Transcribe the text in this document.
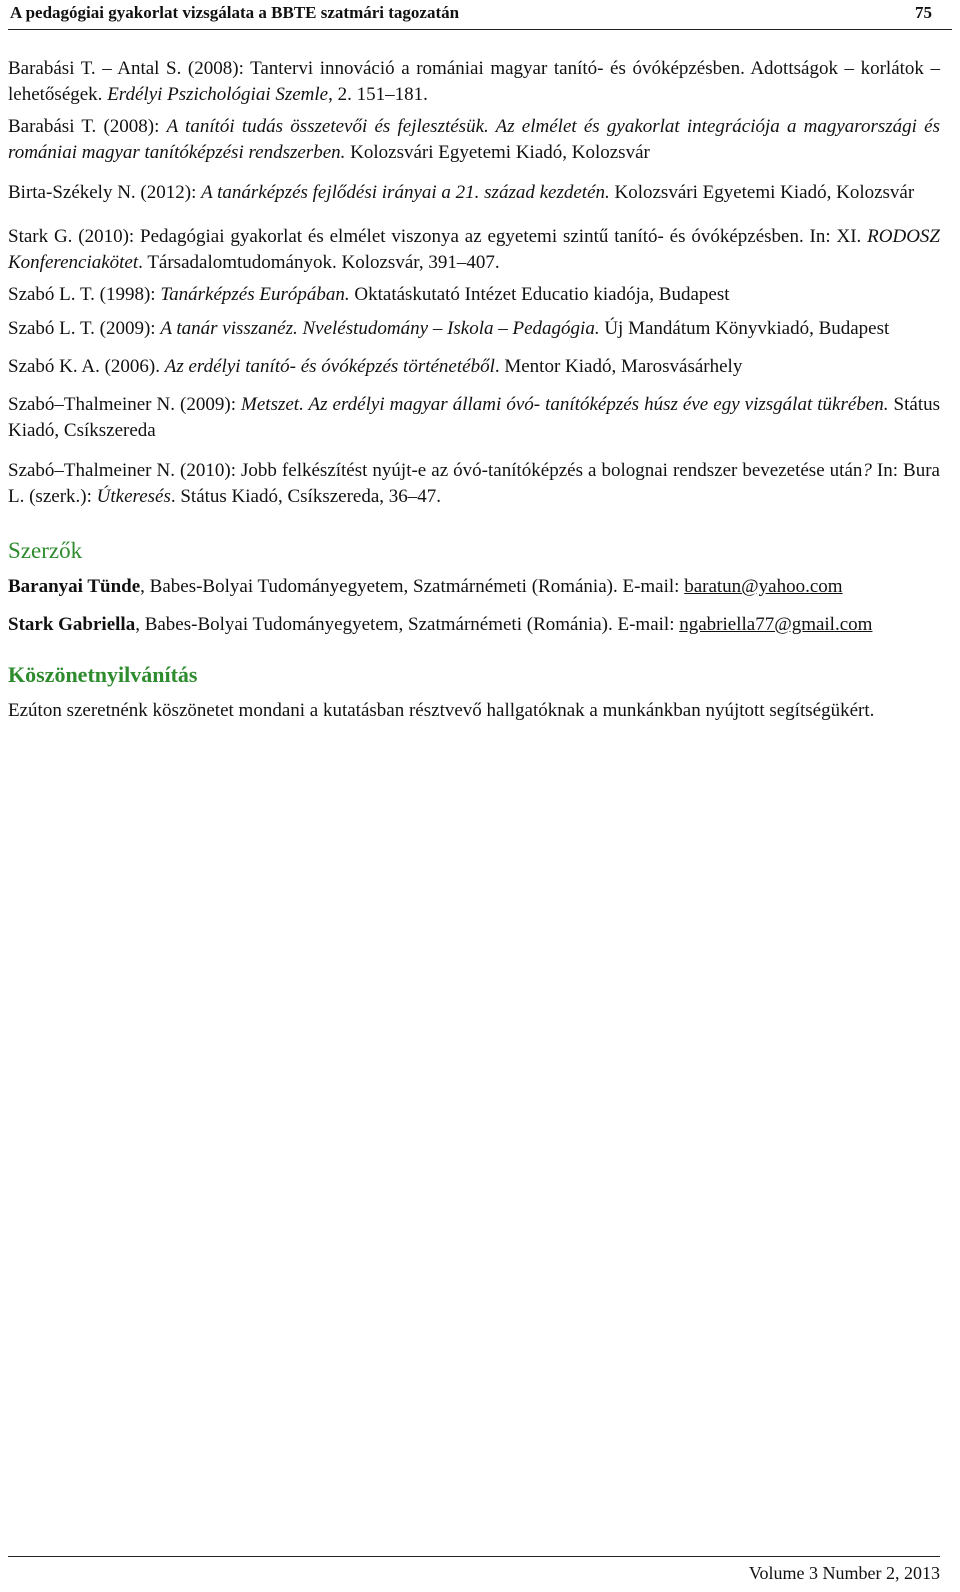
A pedagógiai gyakorlat vizsgálata a BBTE szatmári tagozatán	75

Barabási T. – Antal S. (2008): Tantervi innováció a romániai magyar tanító- és óvóképzésben. Adottságok – korlátok – lehetőségek. Erdélyi Pszichológiai Szemle, 2. 151–181.

Barabási T. (2008): A tanítói tudás összetevői és fejlesztésük. Az elmélet és gyakorlat integrációja a magyarországi és romániai magyar tanítóképzési rendszerben. Kolozsvári Egyetemi Kiadó, Kolozsvár

Birta-Székely N. (2012): A tanárképzés fejlődési irányai a 21. század kezdetén. Kolozsvári Egyetemi Kiadó, Kolozsvár

Stark G. (2010): Pedagógiai gyakorlat és elmélet viszonya az egyetemi szintű tanító- és óvóképzésben. In: XI. RODOSZ Konferenciakötet. Társadalomtudományok. Kolozsvár, 391–407.

Szabó L. T. (1998): Tanárképzés Európában. Oktatáskutató Intézet Educatio kiadója, Budapest

Szabó L. T. (2009): A tanár visszanéz. Nveléstudomány – Iskola – Pedagógia. Új Mandátum Könyvkiadó, Budapest

Szabó K. A. (2006). Az erdélyi tanító- és óvóképzés történetéből. Mentor Kiadó, Marosvásárhely

Szabó–Thalmeiner N. (2009): Metszet. Az erdélyi magyar állami óvó- tanítóképzés húsz éve egy vizsgálat tükrében. Státus Kiadó, Csíkszereda

Szabó–Thalmeiner N. (2010): Jobb felkészítést nyújt-e az óvó-tanítóképzés a bolognai rendszer bevezetése után? In: Bura L. (szerk.): Útkeresés. Státus Kiadó, Csíkszereda, 36–47.

Szerzők

Baranyai Tünde, Babes-Bolyai Tudományegyetem, Szatmárnémeti (Románia). E-mail: baratun@yahoo.com

Stark Gabriella, Babes-Bolyai Tudományegyetem, Szatmárnémeti (Románia). E-mail: ngabriella77@gmail.com

Köszönetnyilvánítás

Ezúton szeretnénk köszönetet mondani a kutatásban résztvevő hallgatóknak a munkánkban nyújtott segítségükért.

Volume 3 Number 2, 2013
